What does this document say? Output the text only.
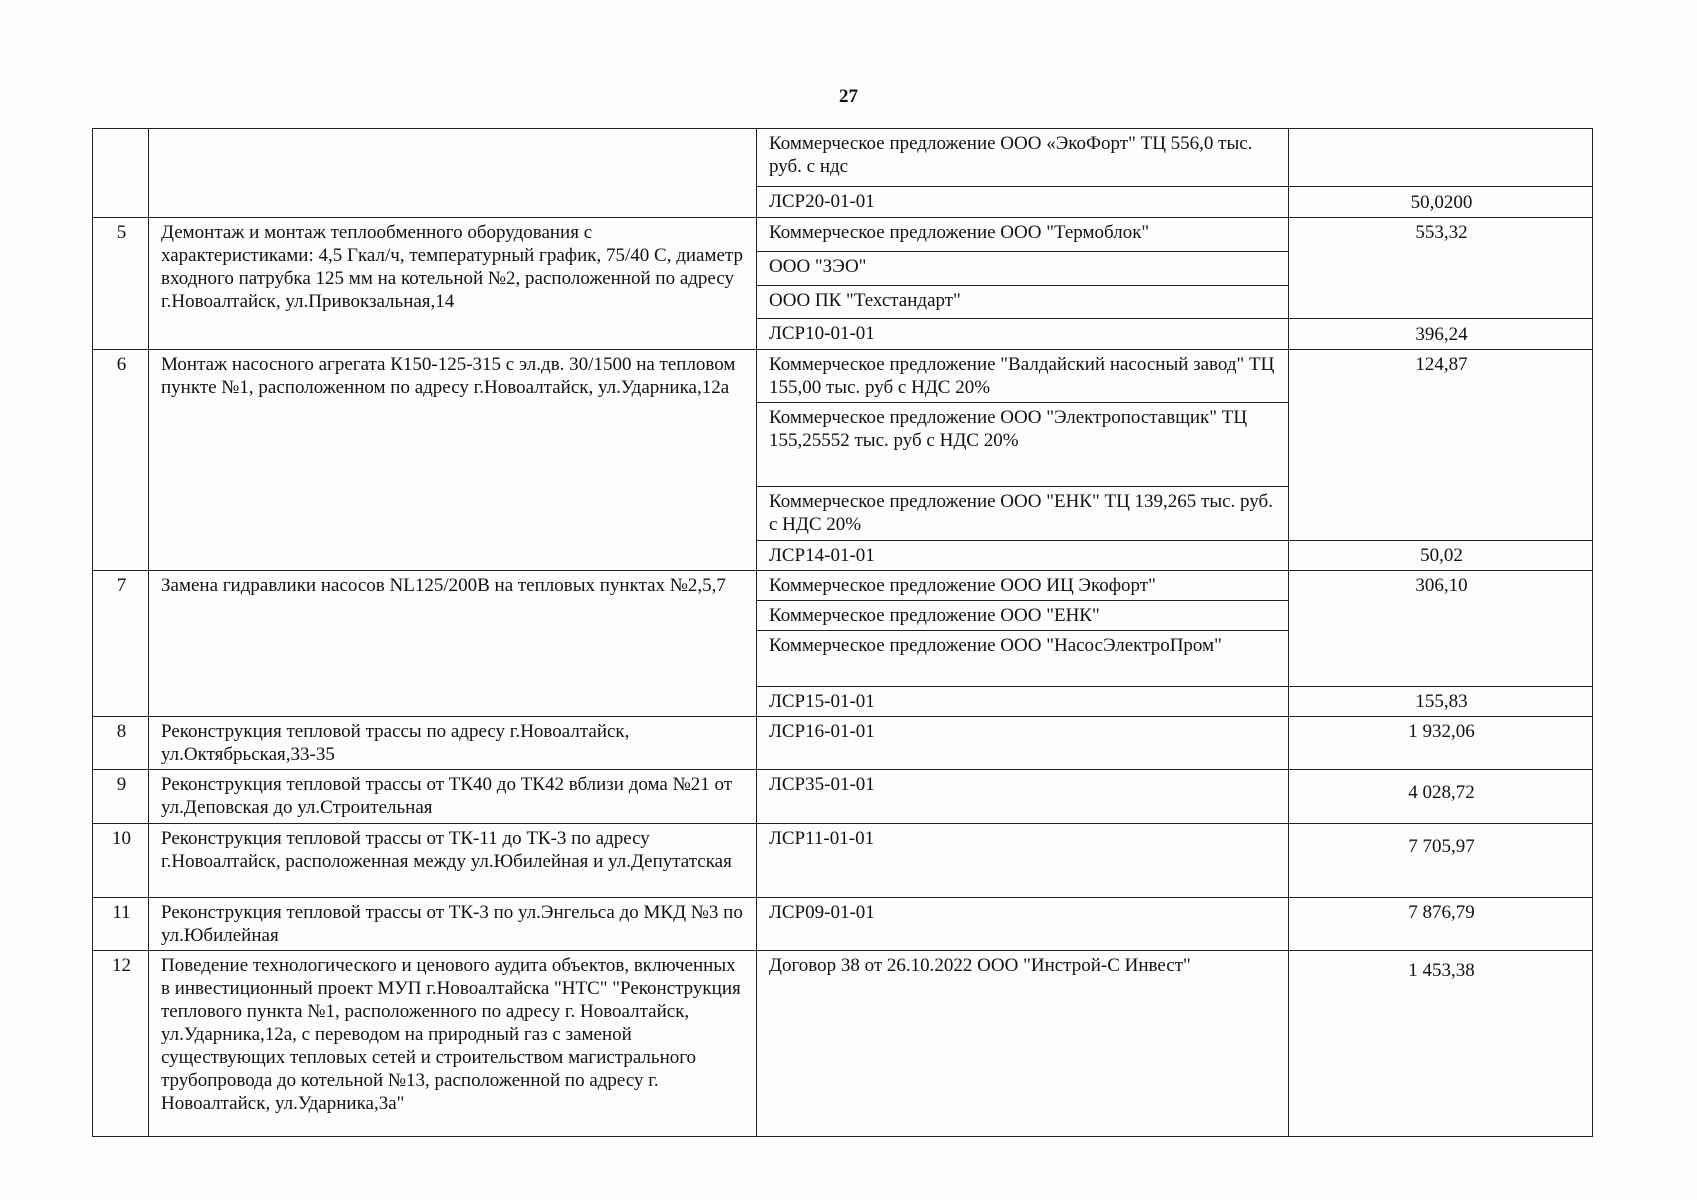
27
		Коммерческое предложение ООО «ЭкоФорт" ТЦ 556,0 тыс. руб. с ндс	
		ЛСР20-01-01	50,0200
5	Демонтаж и монтаж теплообменного оборудования с характеристиками: 4,5 Гкал/ч, температурный график, 75/40 С, диаметр входного патрубка 125 мм на котельной №2, расположенной по адресу г.Новоалтайск, ул.Привокзальная,14	Коммерческое предложение ООО "Термоблок"	553,32
		ООО "ЗЭО"	
		ООО ПК "Техстандарт"	
		ЛСР10-01-01	396,24
6	Монтаж насосного агрегата К150-125-315 с эл.дв. 30/1500 на тепловом пункте №1, расположенном по адресу г.Новоалтайск, ул.Ударника,12а	Коммерческое предложение "Валдайский насосный завод" ТЦ 155,00 тыс. руб с НДС 20%	124,87
		Коммерческое предложение ООО "Электропоставщик" ТЦ 155,25552 тыс. руб с НДС 20%	
		Коммерческое предложение ООО "ЕНК" ТЦ 139,265 тыс. руб. с НДС 20%	
		ЛСР14-01-01	50,02
7	Замена гидравлики насосов NL125/200B на тепловых пунктах №2,5,7	Коммерческое предложение ООО ИЦ Экофорт"	306,10
		Коммерческое предложение ООО "ЕНК"	
		Коммерческое предложение ООО "НасосЭлектроПром"	
		ЛСР15-01-01	155,83
8	Реконструкция тепловой трассы по адресу г.Новоалтайск, ул.Октябрьская,33-35	ЛСР16-01-01	1 932,06
9	Реконструкция тепловой трассы от ТК40 до ТК42 вблизи дома №21 от ул.Деповская до ул.Строительная	ЛСР35-01-01	4 028,72
10	Реконструкция тепловой трассы от ТК-11 до ТК-3 по адресу г.Новоалтайск, расположенная между ул.Юбилейная и ул.Депутатская	ЛСР11-01-01	7 705,97
11	Реконструкция тепловой трассы от ТК-3 по ул.Энгельса до МКД №3 по ул.Юбилейная	ЛСР09-01-01	7 876,79
12	Поведение технологического и ценового аудита объектов, включенных в инвестиционный проект МУП г.Новоалтайска "НТС" "Реконструкция теплового пункта №1, расположенного по адресу г. Новоалтайск, ул.Ударника,12а, с переводом на природный газ с заменой существующих тепловых сетей и строительством магистрального трубопровода до котельной №13, расположенной по адресу г. Новоалтайск, ул.Ударника,3а"	Договор 38 от 26.10.2022 ООО "Инстрой-С Инвест"	1 453,38
